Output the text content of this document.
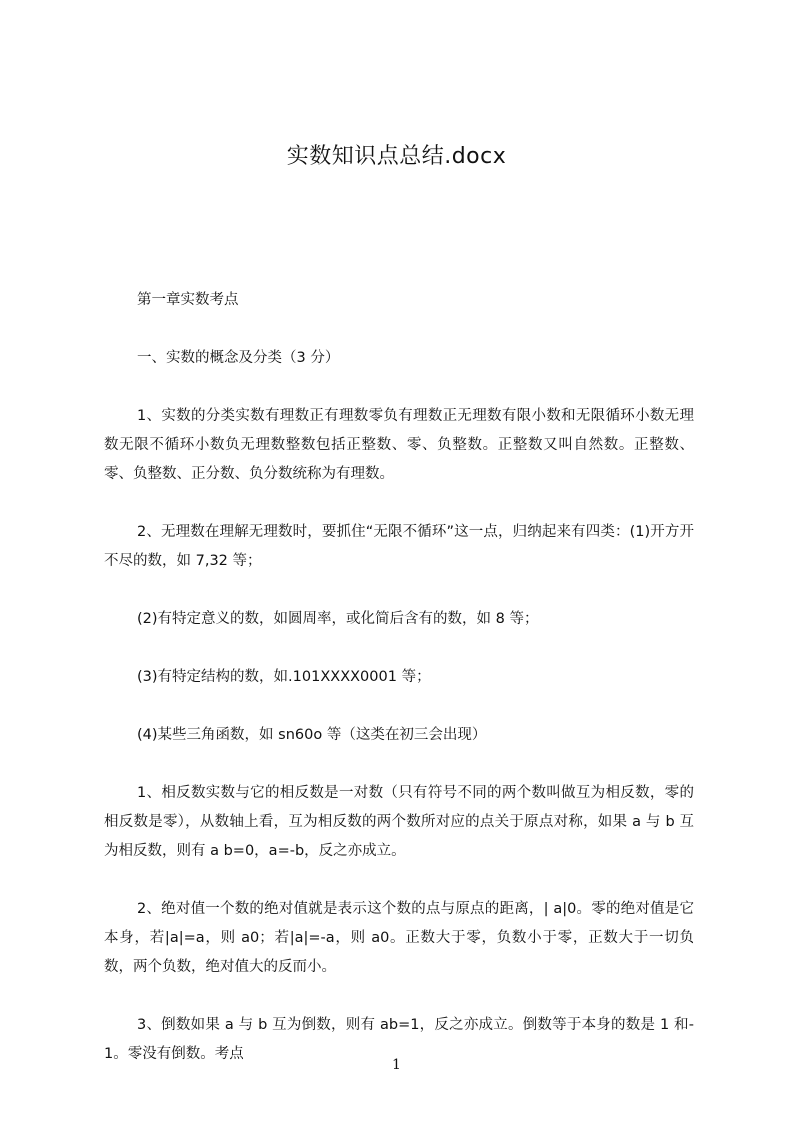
实数知识点总结.docx

第一章实数考点

一、实数的概念及分类（3 分）

1、实数的分类实数有理数正有理数零负有理数正无理数有限小数和无限循环小数无理数无限不循环小数负无理数整数包括正整数、零、负整数。正整数又叫自然数。正整数、零、负整数、正分数、负分数统称为有理数。

2、无理数在理解无理数时，要抓住“无限不循环”这一点，归纳起来有四类：(1)开方开不尽的数，如 7,32 等；

(2)有特定意义的数，如圆周率，或化简后含有的数，如 8 等；

(3)有特定结构的数，如.101XXXX0001 等；

(4)某些三角函数，如 sn60o 等（这类在初三会出现）

1、相反数实数与它的相反数是一对数（只有符号不同的两个数叫做互为相反数，零的相反数是零），从数轴上看，互为相反数的两个数所对应的点关于原点对称，如果 a 与 b 互为相反数，则有 a b=0，a=-b，反之亦成立。

2、绝对值一个数的绝对值就是表示这个数的点与原点的距离，| a|0。零的绝对值是它本身，若|a|=a，则 a0；若|a|=-a，则 a0。正数大于零，负数小于零，正数大于一切负数，两个负数，绝对值大的反而小。

3、倒数如果 a 与 b 互为倒数，则有 ab=1，反之亦成立。倒数等于本身的数是 1 和-1。零没有倒数。考点

1
